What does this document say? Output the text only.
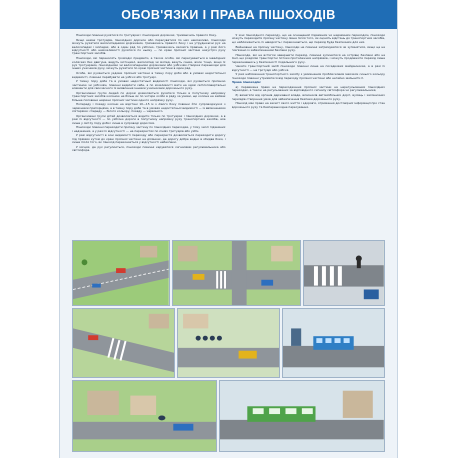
ОБОВ'ЯЗКИ І ПРАВА ПІШОХОДІВ

Пішоходи повинні рухатися по тротуарах і пішохідних доріжках, тримаючись правого боку.

Якщо немає тротуарів, пішохідних доріжок або пересуватися по них неможливо, пішоходи можуть рухатися велосипедними доріжками, тримаючись правого боку і не утруднюючи рух на велосипедах і мопедах, або в один ряд по узбіччю, тримаючись якомога правіше, а у разі його відсутності або неможливості рухатися по ньому — по краю проїзної частини назустріч руху транспортних засобів.

Пішоходи, які переносять громіздкі предмети, а також особи, які пересуваються в інвалідних колясках без двигуна, ведуть мотоцикл, велосипед чи мопед, везуть санки, візок тощо, якщо їх рух тротуарами, пішохідними чи велосипедними доріжками або узбіччям створює перешкоди для інших учасників руху, можуть рухатися по краю проїзної частини в один ряд.

Особи, які рухаються уздовж проїзної частини в темну пору доби або в умовах недостатньої видимості, повинні перебувати на узбіччі або тротуарі.

У темну пору доби та в умовах недостатньої видимості пішоходи, які рухаються проїзною частиною чи узбіччям, повинні виділити себе, а по можливості мати на одязі світлоповертальні елементи для своєчасного їх виявлення іншими учасниками дорожнього руху.

Організовані групи людей по дорозі дозволяється рухатися тільки в попутному напрямку транспортних засобів колоною не більш як по чотири особи в ряду за умови, що колона не займає більше половини ширини проїзної частини одного напрямку руху.

Попереду і позаду колони на відстані 10—15 м з лівого боку повинні йти супроводжуючі з червоними прапорцями, а в темну пору доби та в умовах недостатньої видимості — із ввімкненими ліхтарями: спереду — білого кольору, позаду — червоного.

Організовані групи дітей дозволяється водити тільки по тротуарах і пішохідних доріжках, а в разі їх відсутності — по узбіччю дороги в попутному напрямку руху транспортних засобів, але лише у світлу пору доби і лише в супроводі дорослих.

Пішоходи повинні переходити проїзну частину по пішохідних переходах, у тому числі підземних і надземних, а у разі їх відсутності — на перехрестях по лініях тротуарів або узбіч.

У разі відсутності в зоні видимості переходу або перехрестя дозволяється переходити дорогу під прямим кутом до краю проїзної частини на ділянках, де дорогу добре видно в обидва боки, і лише після того, як пішохід переконається у відсутності небезпеки.

У місцях, де рух регулюється, пішоходи повинні керуватися сигналами регулювальника або світлофора.

У зоні пішохідного переходу, що не оснащений підземним чи надземним переходом, пішоходи можуть переходити проїзну частину лише після того, як оцінять відстань до транспортних засобів, що наближаються, їх швидкість і переконаються, що перехід буде безпечним для них.

Вийшовши на проїзну частину, пішоходи не повинні затримуватися чи зупинятися, якщо це не пов'язано із забезпеченням безпеки руху.

Пішоходи, які не встигли завершити перехід, повинні зупинитися на острівці безпеки або на лінії, що розділяє транспортні потоки протилежних напрямків, і можуть продовжити перехід лише переконавшись у безпечності подальшого руху.

Чекати транспортний засіб пішоходи повинні лише на посадкових майданчиках, а в разі їх відсутності — на тротуарі або узбіччі.

У разі наближення транспортного засобу з увімкненим проблисковим маячком синього кольору пішоходи повинні утриматися від переходу проїзної частини або негайно звільнити її.

Права пішоходів:

а) переважне право на переходження проїзної частини на нерегульованих пішохідних переходах, а також на регульованих за відповідного сигналу світлофора чи регулювальника;

б) вимагати від органів державної влади, власників автомобільних доріг, вулиць і залізничних переїздів створення умов для забезпечення безпеки дорожнього руху.

Пішохід має право на захист свого життя і здоров'я, отримання достовірної інформації про стан дорожнього руху та безперешкодне пересування.
